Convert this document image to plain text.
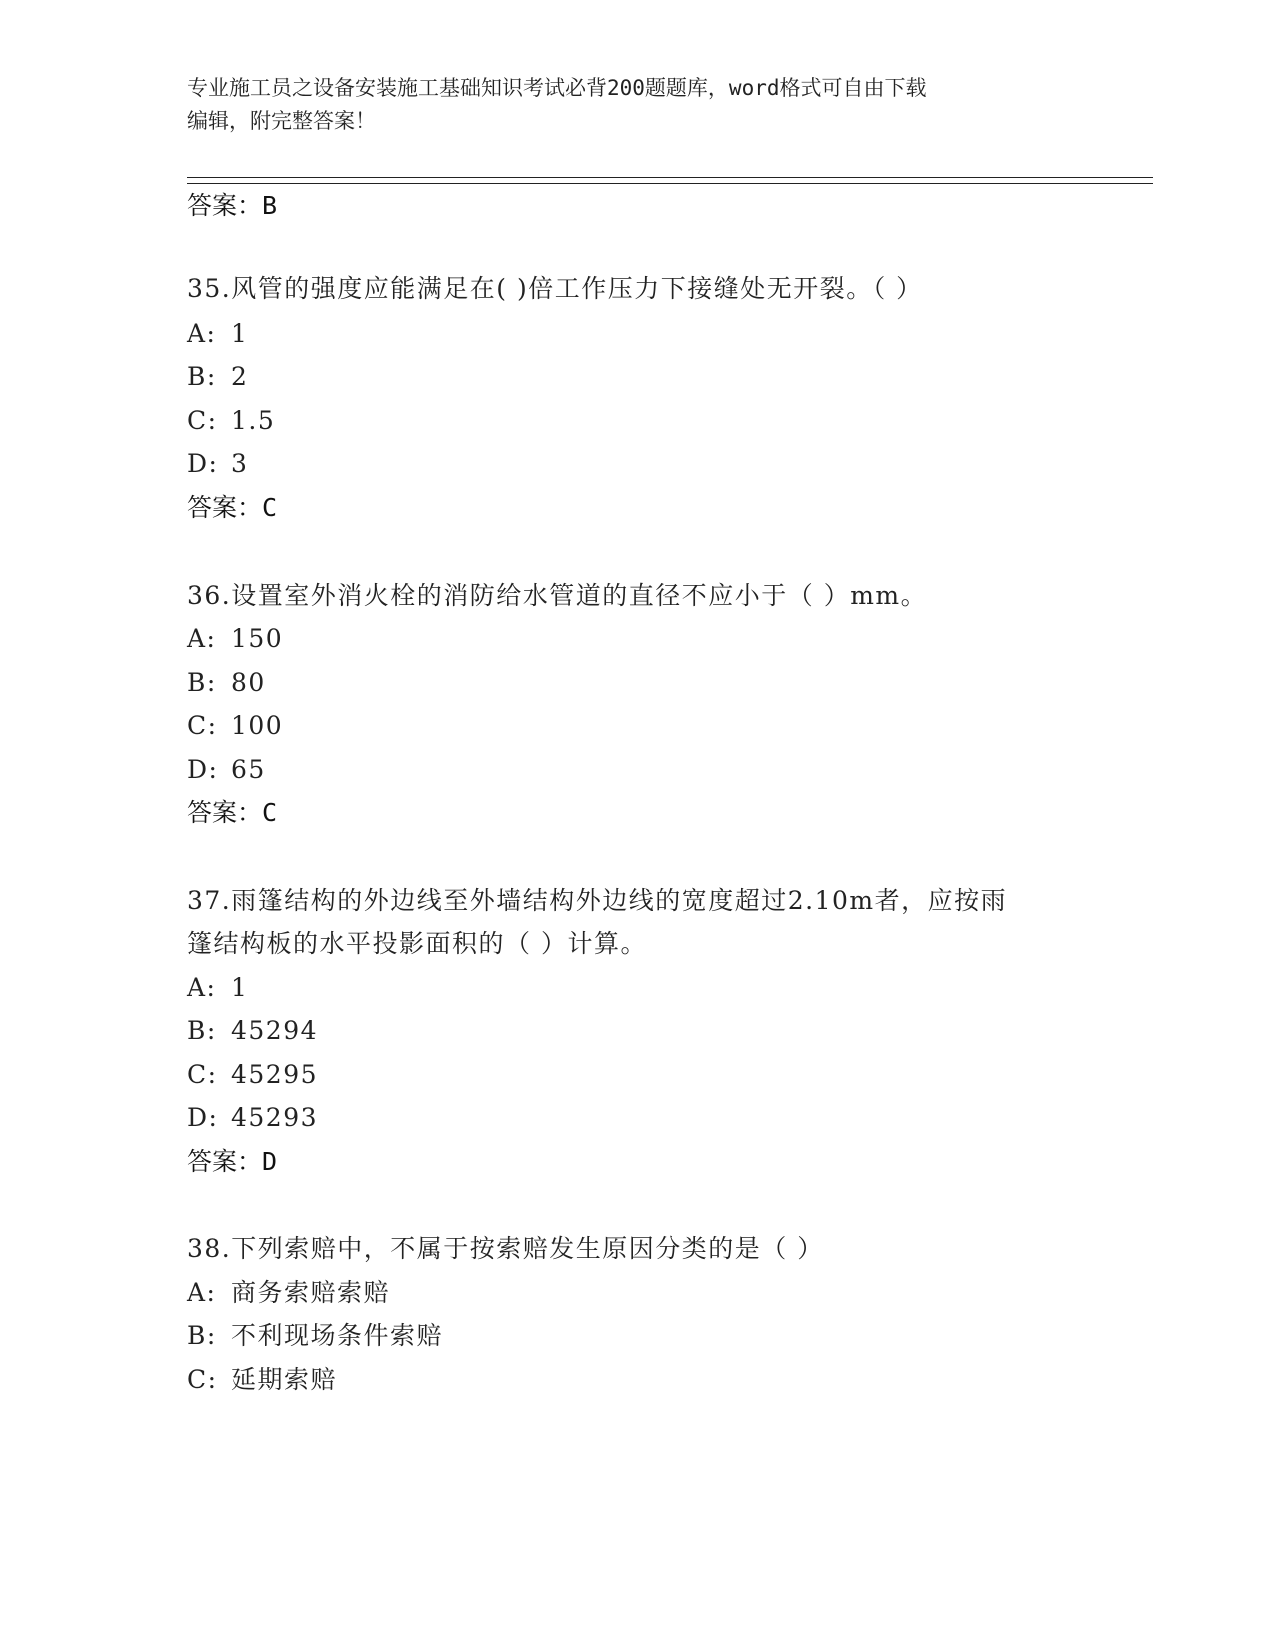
专业施工员之设备安装施工基础知识考试必背200题题库，word格式可自由下载
编辑，附完整答案！
答案：B
35.风管的强度应能满足在( )倍工作压力下接缝处无开裂。（ ）
A: 1
B: 2
C: 1.5
D: 3
答案：C
36.设置室外消火栓的消防给水管道的直径不应小于（ ）mm。
A: 150
B: 80
C: 100
D: 65
答案：C
37.雨篷结构的外边线至外墙结构外边线的宽度超过2.10m者，应按雨
篷结构板的水平投影面积的（ ）计算。
A: 1
B: 45294
C: 45295
D: 45293
答案：D
38.下列索赔中，不属于按索赔发生原因分类的是（ ）
A: 商务索赔索赔
B: 不利现场条件索赔
C: 延期索赔
